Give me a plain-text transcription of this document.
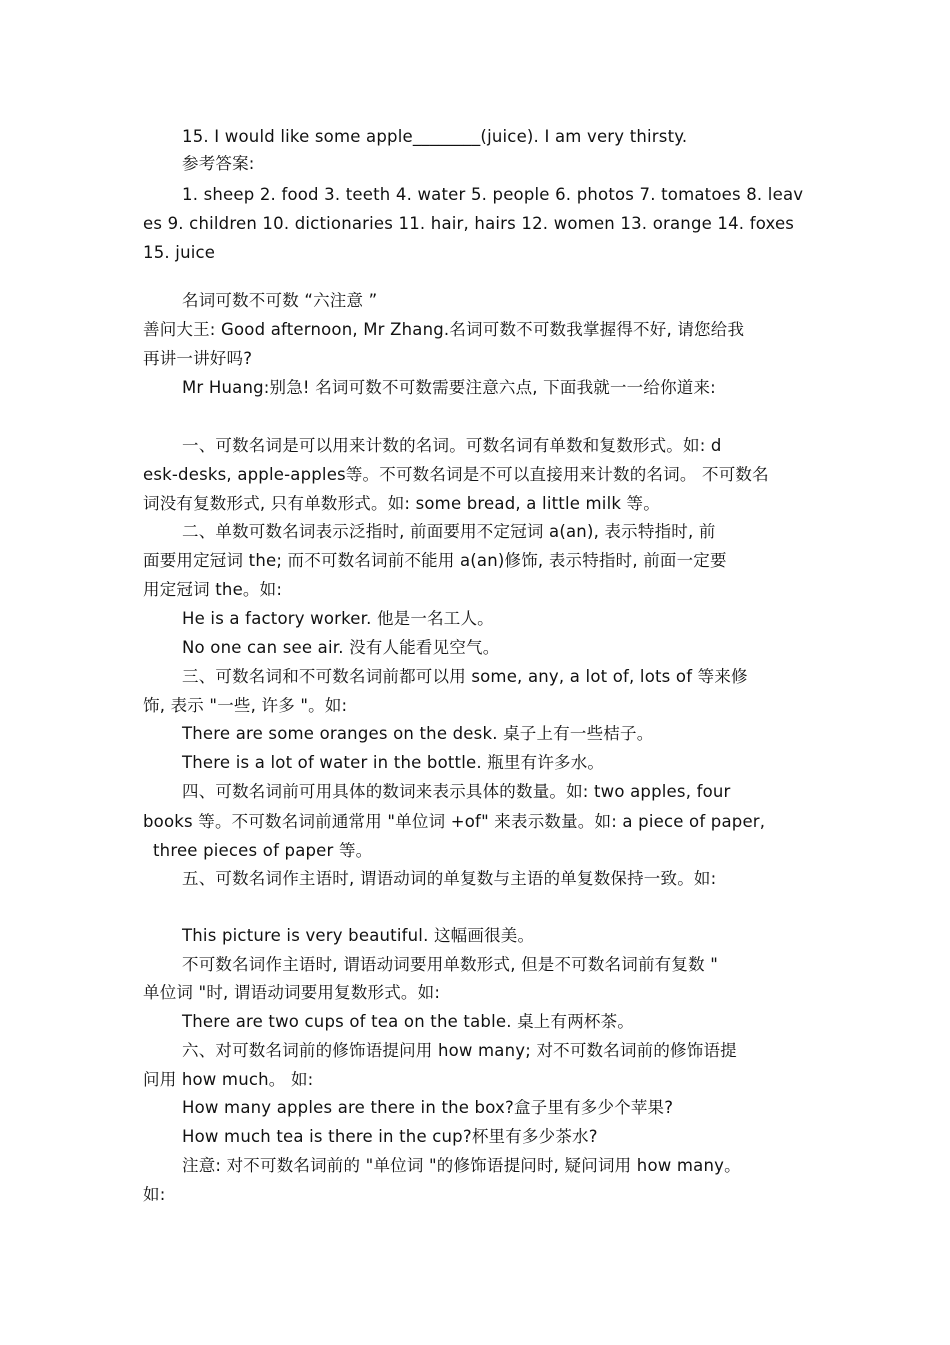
15. I would like some apple________(juice). I am very thirsty.
参考答案:
1. sheep 2. food 3. teeth 4. water 5. people 6. photos 7. tomatoes 8. leav
es 9. children 10. dictionaries 11. hair, hairs 12. women 13. orange 14. foxes
15. juice
名词可数不可数 “六注意 ”
善问大王: Good afternoon, Mr Zhang.名词可数不可数我掌握得不好, 请您给我
再讲一讲好吗?
Mr Huang:别急! 名词可数不可数需要注意六点, 下面我就一一给你道来:
一、可数名词是可以用来计数的名词。可数名词有单数和复数形式。如: d
esk-desks, apple-apples等。不可数名词是不可以直接用来计数的名词。 不可数名
词没有复数形式, 只有单数形式。如: some bread, a little milk 等。
二、单数可数名词表示泛指时, 前面要用不定冠词 a(an), 表示特指时, 前
面要用定冠词 the; 而不可数名词前不能用 a(an)修饰, 表示特指时, 前面一定要
用定冠词 the。如:
He is a factory worker. 他是一名工人。
No one can see air. 没有人能看见空气。
三、可数名词和不可数名词前都可以用 some, any, a lot of, lots of 等来修
饰, 表示 "一些, 许多 "。如:
There are some oranges on the desk. 桌子上有一些桔子。
There is a lot of water in the bottle. 瓶里有许多水。
四、可数名词前可用具体的数词来表示具体的数量。如: two apples, four
books 等。不可数名词前通常用 "单位词 +of" 来表示数量。如: a piece of paper,
three pieces of paper 等。
五、可数名词作主语时, 谓语动词的单复数与主语的单复数保持一致。如:
This picture is very beautiful. 这幅画很美。
不可数名词作主语时, 谓语动词要用单数形式, 但是不可数名词前有复数 "
单位词 "时, 谓语动词要用复数形式。如:
There are two cups of tea on the table. 桌上有两杯茶。
六、对可数名词前的修饰语提问用 how many; 对不可数名词前的修饰语提
问用 how much。 如:
How many apples are there in the box?盒子里有多少个苹果?
How much tea is there in the cup?杯里有多少茶水?
注意: 对不可数名词前的 "单位词 "的修饰语提问时, 疑问词用 how many。
如:
